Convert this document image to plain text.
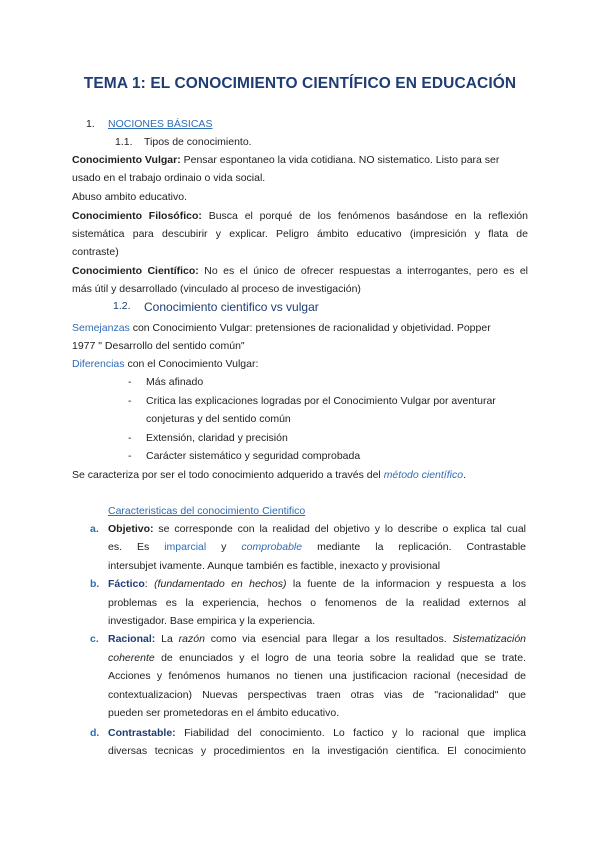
TEMA 1: EL CONOCIMIENTO CIENTÍFICO EN EDUCACIÓN
1. NOCIONES BÁSICAS
1.1. Tipos de conocimiento.
Conocimiento Vulgar: Pensar espontaneo la vida cotidiana. NO sistematico. Listo para ser
usado en el trabajo ordinaio o vida social.
Abuso ambito educativo.
Conocimiento Filosófico: Busca el porqué de los fenómenos basándose en la reflexión
sistemática para descubirir y explicar. Peligro ámbito educativo (impresición y flata de
contraste)
Conocimiento Científico: No es el único de ofrecer respuestas a interrogantes, pero es el
más útil y desarrollado (vinculado al proceso de investigación)
1.2. Conocimiento cientifico vs vulgar
Semejanzas con Conocimiento Vulgar: pretensiones de racionalidad y objetividad. Popper
1977 " Desarrollo del sentido común"
Diferencias con el Conocimiento Vulgar:
- Más afinado
- Critica las explicaciones logradas por el Conocimiento Vulgar por aventurar
conjeturas y del sentido común
- Extensión, claridad y precisión
- Carácter sistemático y seguridad comprobada
Se caracteriza por ser el todo conocimiento adquerido a través del método científico.
Caracteristicas del conocimiento Cientifico
a. Objetivo: se corresponde con la realidad del objetivo y lo describe o explica tal cual
es. Es imparcial y comprobable mediante la replicación. Contrastable
intersubjet ivamente. Aunque también es factible, inexacto y provisional
b. Fáctico: (fundamentado en hechos) la fuente de la informacion y respuesta a los
problemas es la experiencia, hechos o fenomenos de la realidad externos al
investigador. Base empirica y la experiencia.
c. Racional: La razón como via esencial para llegar a los resultados. Sistematización
coherente de enunciados y el logro de una teoria sobre la realidad que se trate.
Acciones y fenómenos humanos no tienen una justificacion racional (necesidad de
contextualizacion) Nuevas perspectivas traen otras vias de "racionalidad" que
pueden ser prometedoras en el ámbito educativo.
d. Contrastable: Fiabilidad del conocimiento. Lo factico y lo racional que implica
diversas tecnicas y procedimientos en la investigación cientifica. El conocimiento
